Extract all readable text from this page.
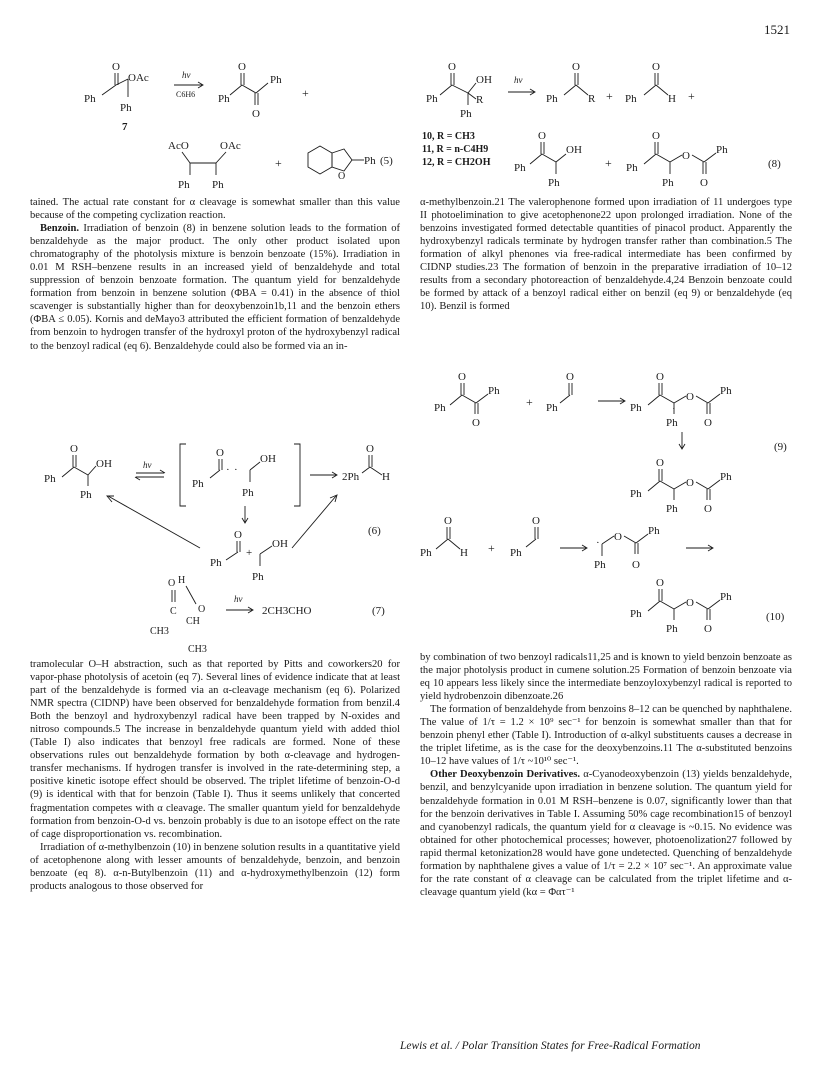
1521
O
OAc
Ph
Ph
7
hν
C6H6
O
Ph
Ph
O
+
AcO	OAc
Ph Ph
+
O
Ph (5)
O
OH
R
Ph
Ph
hν
O
Ph	R +
O
Ph	H +
10, R = CH3
11, R = n-C4H9
12, R = CH2OH
O
OH
Ph
Ph
+
O
O Ph
Ph
Ph O
(8)

tained. The actual rate constant for α cleavage is somewhat smaller than this value because of the competing cyclization reaction.

Benzoin. Irradiation of benzoin (8) in benzene solution leads to the formation of benzaldehyde as the major product. The only other product isolated upon chromatography of the photolysis mixture is benzoin benzoate (15%). Irradiation in 0.01 M RSH–benzene results in an increased yield of benzaldehyde and total suppression of benzoin benzoate formation. The quantum yield for benzaldehyde formation from benzoin in benzene solution (ΦBA = 0.41) in the absence of thiol scavenger is substantially higher than for deoxybenzoin1b,11 and the benzoin ethers (ΦBA ≤ 0.05). Kornis and deMayo3 attributed the efficient formation of benzaldehyde from benzoin to hydrogen transfer of the hydroxyl proton of the hydroxybenzyl radical to the benzoyl radical (eq 6). Benzaldehyde could also be formed via an in-

O
OH
Ph
Ph
hν
O
· ·
OH
Ph
Ph
2Ph
O
H
O
+
OH
Ph
Ph
(6)
O H
O
C
CH
CH3
CH3
hν
2CH3CHO	(7)

tramolecular O–H abstraction, such as that reported by Pitts and coworkers20 for vapor-phase photolysis of acetoin (eq 7). Several lines of evidence indicate that at least part of the benzaldehyde is formed via an α-cleavage mechanism (eq 6). Polarized NMR spectra (CIDNP) have been observed for benzaldehyde formation from benzil.4 Both the benzoyl and hydroxybenzyl radical have been trapped by N-oxides and nitroso compounds.5 The increase in benzaldehyde quantum yield with added thiol (Table I) also indicates that benzoyl free radicals are formed. None of these observations rules out benzaldehyde formation by both α-cleavage and hydrogen-transfer mechanisms. If hydrogen transfer is involved in the rate-determining step, a positive kinetic isotope effect should be observed. The triplet lifetime of benzoin-O-d (9) is identical with that for benzoin (Table I). Thus it seems unlikely that concerted fragmentation competes with α cleavage. The smaller quantum yield for benzaldehyde formation from benzoin-O-d vs. benzoin probably is due to an isotope effect on the rate of cage disproportionation vs. recombination.

Irradiation of α-methylbenzoin (10) in benzene solution results in a quantitative yield of acetophenone along with lesser amounts of benzaldehyde, benzoin, and benzoin benzoate (eq 8). α-n-Butylbenzoin (11) and α-hydroxymethylbenzoin (12) form products analogous to those observed for

α-methylbenzoin.21 The valerophenone formed upon irradiation of 11 undergoes type II photoelimination to give acetophenone22 upon prolonged irradiation. None of the benzoins investigated formed detectable quantities of pinacol product. Apparently the hydroxybenzyl radicals terminate by hydrogen transfer rather than combination.5 The formation of alkyl phenones via free-radical intermediate has been confirmed by CIDNP studies.23 The formation of benzoin in the preparative irradiation of 10–12 results from a secondary photoreaction of benzaldehyde.4,24 Benzoin benzoate could be formed by attack of a benzoyl radical either on benzil (eq 9) or benzaldehyde (eq 10). Benzil is formed

O
Ph
Ph
O
+
O
Ph
O
O Ph
Ph
Ph O
·
(9)
O
O Ph
Ph
Ph O
O
Ph	H +
O
Ph
· O Ph
Ph O
O
O Ph
Ph
Ph O
(10)

by combination of two benzoyl radicals11,25 and is known to yield benzoin benzoate as the major photolysis product in cumene solution.25 Formation of benzoin benzoate via eq 10 appears less likely since the intermediate benzoyloxybenzyl radical is reported to yield hydrobenzoin dibenzoate.26

The formation of benzaldehyde from benzoins 8–12 can be quenched by naphthalene. The value of 1/τ = 1.2 × 10⁹ sec⁻¹ for benzoin is somewhat smaller than that for benzoin phenyl ether (Table I). Introduction of α-alkyl substituents causes a decrease in the triplet lifetime, as is the case for the deoxybenzoins.11 The α-substituted benzoins 10–12 have values of 1/τ ~10¹⁰ sec⁻¹.

Other Deoxybenzoin Derivatives. α-Cyanodeoxybenzoin (13) yields benzaldehyde, benzil, and benzylcyanide upon irradiation in benzene solution. The quantum yield for benzaldehyde formation in 0.01 M RSH–benzene is 0.07, significantly lower than that for the benzoin derivatives in Table I. Assuming 50% cage recombination15 of benzoyl and cyanobenzyl radicals, the quantum yield for α cleavage is ~0.15. No evidence was obtained for other photochemical processes; however, photoenolization27 followed by rapid thermal ketonization28 would have gone undetected. Quenching of benzaldehyde formation by naphthalene gives a value of 1/τ = 2.2 × 10⁷ sec⁻¹. An approximate value for the rate constant of α cleavage can be calculated from the triplet lifetime and α-cleavage quantum yield (kα = Φατ⁻¹

Lewis et al. / Polar Transition States for Free-Radical Formation
